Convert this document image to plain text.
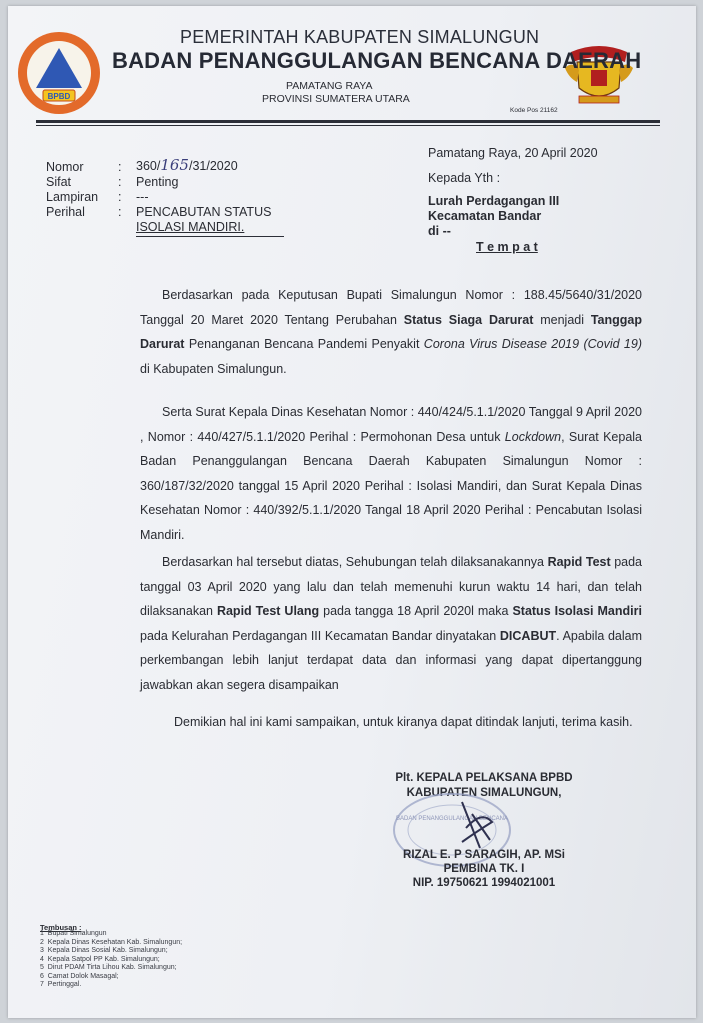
BPBD
PEMERINTAH KABUPATEN SIMALUNGUN
BADAN PENANGGULANGAN BENCANA DAERAH
PAMATANG RAYA
PROVINSI SUMATERA UTARA
Kode Pos 21162
Nomor
Sifat
Lampiran
Perihal
:
:
:
:
360/165/31/2020
Penting
---
PENCABUTAN STATUS
ISOLASI MANDIRI.
Pamatang Raya, 20 April 2020
Kepada Yth :
Lurah Perdagangan III
Kecamatan Bandar
di --
T e m p a t

Berdasarkan pada Keputusan Bupati Simalungun Nomor : 188.45/5640/31/2020 Tanggal 20 Maret 2020 Tentang Perubahan Status Siaga Darurat menjadi Tanggap Darurat Penanganan Bencana Pandemi Penyakit Corona Virus Disease 2019 (Covid 19) di Kabupaten Simalungun.

Serta Surat Kepala Dinas Kesehatan Nomor : 440/424/5.1.1/2020 Tanggal 9 April 2020 , Nomor : 440/427/5.1.1/2020 Perihal : Permohonan Desa untuk Lockdown, Surat Kepala Badan Penanggulangan Bencana Daerah Kabupaten Simalungun Nomor : 360/187/32/2020 tanggal 15 April 2020 Perihal : Isolasi Mandiri, dan Surat Kepala Dinas Kesehatan Nomor : 440/392/5.1.1/2020 Tangal 18 April 2020 Perihal : Pencabutan Isolasi Mandiri.

Berdasarkan hal tersebut diatas, Sehubungan telah dilaksanakannya Rapid Test pada tanggal 03 April 2020 yang lalu dan telah memenuhi kurun waktu 14 hari, dan telah dilaksanakan Rapid Test Ulang pada tangga 18 April 2020l maka Status Isolasi Mandiri pada Kelurahan Perdagangan III Kecamatan Bandar dinyatakan DICABUT. Apabila dalam perkembangan lebih lanjut terdapat data dan informasi yang dapat dipertanggung jawabkan akan segera disampaikan

Demikian hal ini kami sampaikan, untuk kiranya dapat ditindak lanjuti, terima kasih.

Plt. KEPALA PELAKSANA BPBD
KABUPATEN SIMALUNGUN,
BADAN PENANGGULANGAN BENCANA
RIZAL E. P SARAGIH, AP. MSi
PEMBINA TK. I
NIP. 19750621 1994021001
Tembusan :
1  Bupati Simalungun
2  Kepala Dinas Kesehatan Kab. Simalungun;
3  Kepala Dinas Sosial Kab. Simalungun;
4  Kepala Satpol PP Kab. Simalungun;
5  Dirut PDAM Tirta Lihou Kab. Simalungun;
6  Camat Dolok Masagal;
7  Pertinggal.
